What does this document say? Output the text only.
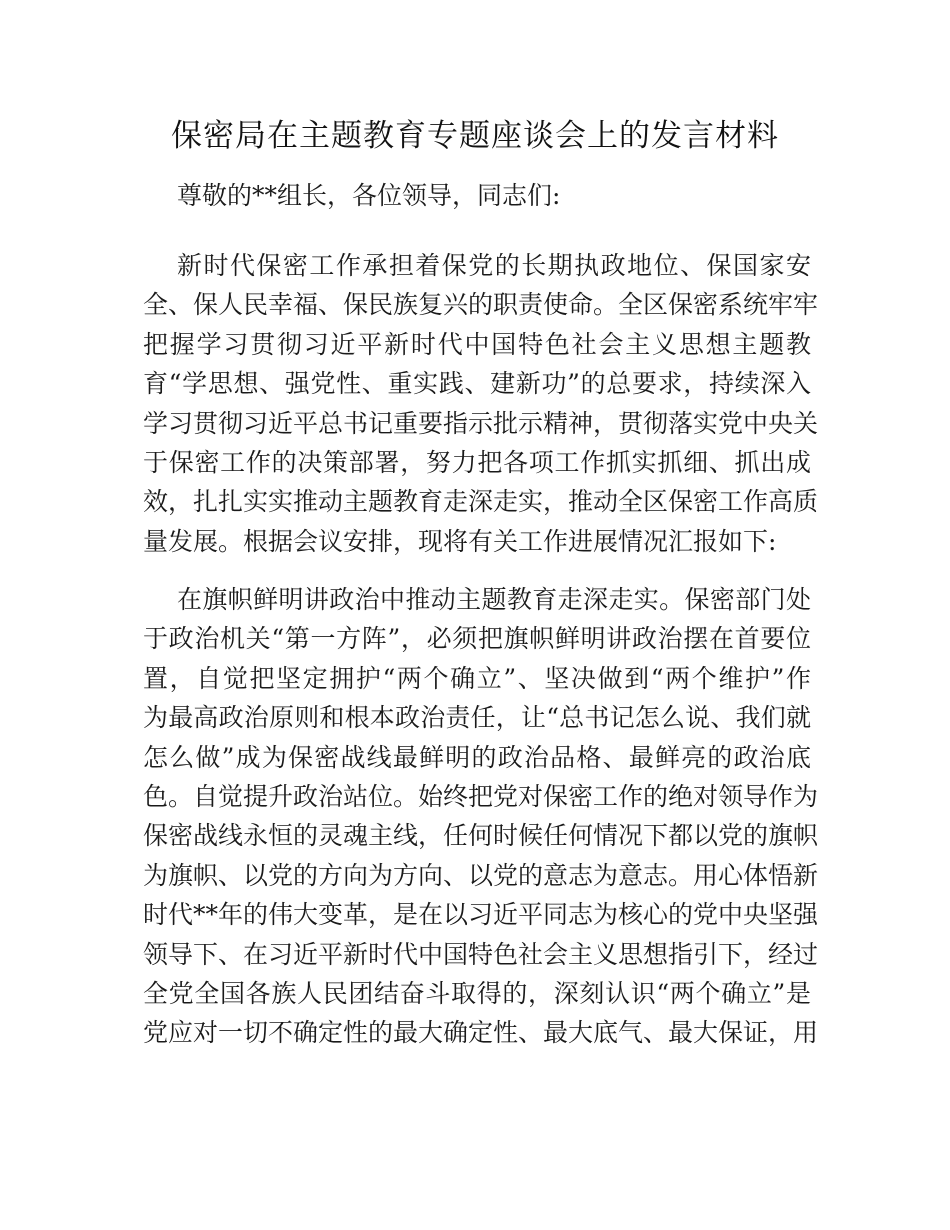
保密局在主题教育专题座谈会上的发言材料
尊敬的**组长，各位领导，同志们:
新时代保密工作承担着保党的长期执政地位、保国家安
全、保人民幸福、保民族复兴的职责使命。全区保密系统牢牢
把握学习贯彻习近平新时代中国特色社会主义思想主题教
育“学思想、强党性、重实践、建新功”的总要求，持续深入
学习贯彻习近平总书记重要指示批示精神，贯彻落实党中央关
于保密工作的决策部署，努力把各项工作抓实抓细、抓出成
效，扎扎实实推动主题教育走深走实，推动全区保密工作高质
量发展。根据会议安排，现将有关工作进展情况汇报如下:
在旗帜鲜明讲政治中推动主题教育走深走实。保密部门处
于政治机关“第一方阵”，必须把旗帜鲜明讲政治摆在首要位
置，自觉把坚定拥护“两个确立”、坚决做到“两个维护”作
为最高政治原则和根本政治责任，让“总书记怎么说、我们就
怎么做”成为保密战线最鲜明的政治品格、最鲜亮的政治底
色。自觉提升政治站位。始终把党对保密工作的绝对领导作为
保密战线永恒的灵魂主线，任何时候任何情况下都以党的旗帜
为旗帜、以党的方向为方向、以党的意志为意志。用心体悟新
时代**年的伟大变革，是在以习近平同志为核心的党中央坚强
领导下、在习近平新时代中国特色社会主义思想指引下，经过
全党全国各族人民团结奋斗取得的，深刻认识“两个确立”是
党应对一切不确定性的最大确定性、最大底气、最大保证，用
